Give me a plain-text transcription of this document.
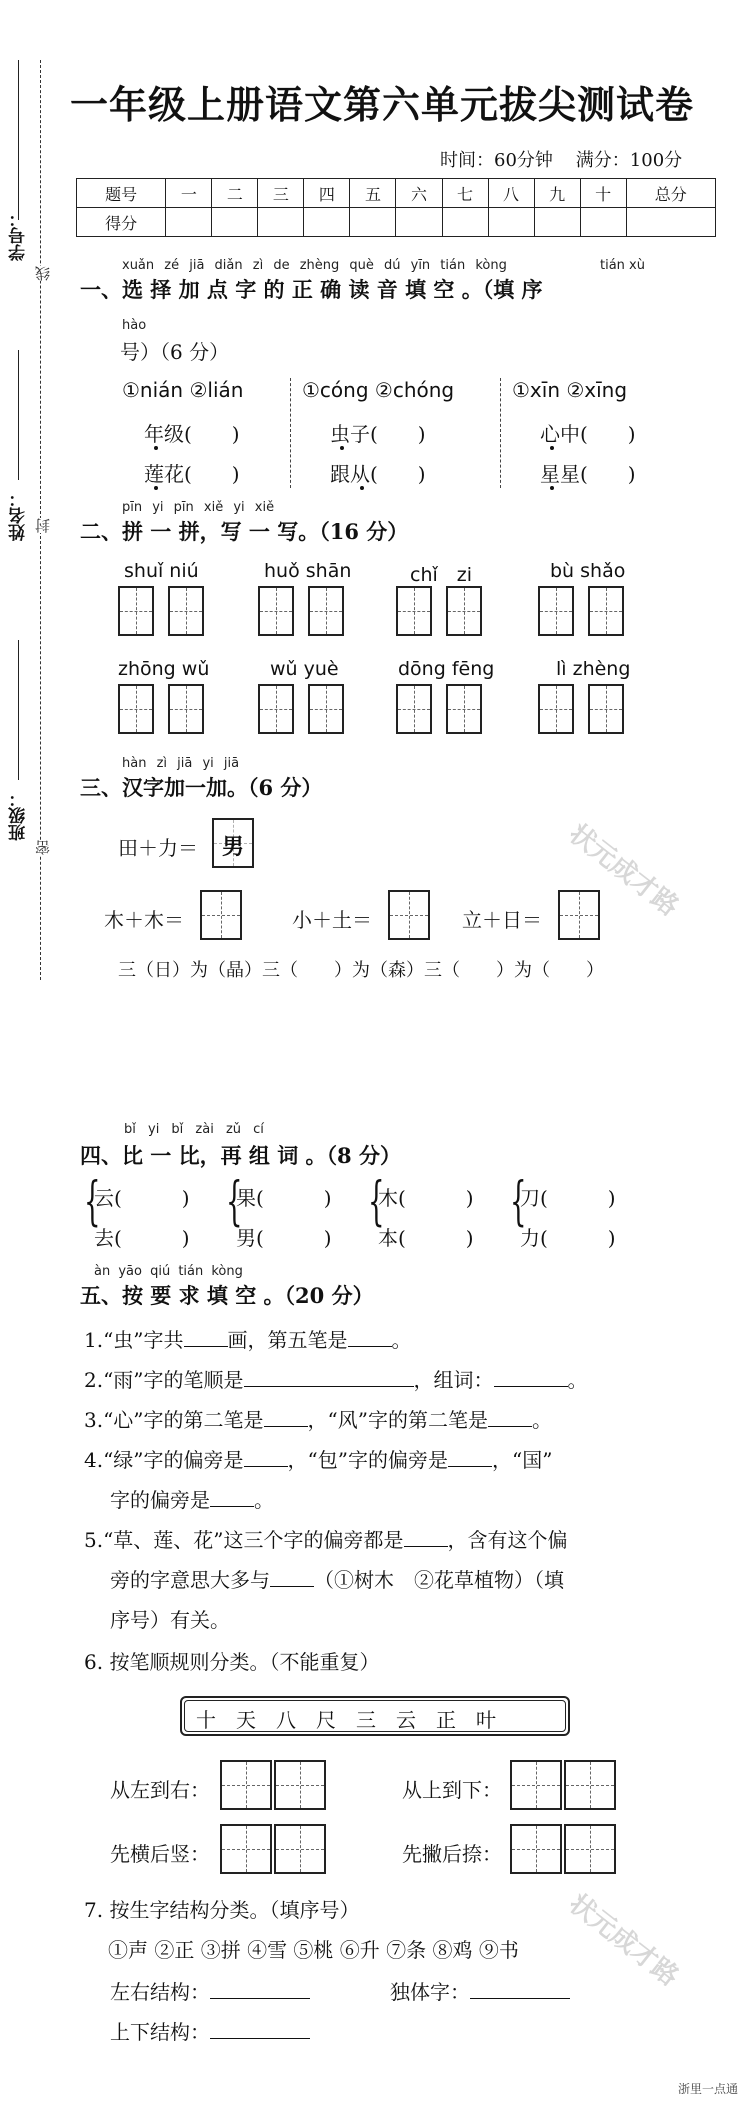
一年级上册语文第六单元拔尖测试卷
时间：60分钟 满分：100分
题号	一	二	三	四	五	六	七	八	九	十	总分
得分											
学号：
姓名：
班级：
线
封
密
xuǎn zé jiā diǎn zì de zhèng què dú yīn tián kòng	tián xù
一、选 择 加 点 字 的 正 确 读 音 填 空 。（填 序
hào
号）（6 分）
①nián ②lián
年级(　　)
莲花(　　)
①cóng ②chóng
虫子(　　)
跟从(　　)
①xīn ②xīng
心中(　　)
星星(　　)
pīn yi pīn xiě yi xiě
二、拼 一 拼，写 一 写。（16 分）
shuǐ niú	huǒ shān	chǐ　zi	bù shǎo
zhōng wǔ	wǔ yuè	dōng fēng	lì zhèng
hàn zì jiā yi jiā
三、汉字加一加。（6 分）
田＋力＝ 男
木＋木＝	小＋土＝	立＋日＝
三（日）为（晶）三（　　）为（森）三（　　）为（　　）
bǐ yi bǐ zài zǔ cí
四、比 一 比，再 组 词 。（8 分）
{
云(　　　)
去(　　　)
{
果(　　　)
男(　　　)
{
木(　　　)
本(　　　)
{
刀(　　　)
力(　　　)
àn yāo qiú tián kòng
五、按 要 求 填 空 。（20 分）
1.“虫”字共 画，第五笔是 。
2.“雨”字的笔顺是	，组词：	。
3.“心”字的第二笔是 ，“风”字的第二笔是 。
4.“绿”字的偏旁是 ，“包”字的偏旁是 ，“国”
字的偏旁是 。
5.“草、莲、花”这三个字的偏旁都是 ，含有这个偏
旁的字意思大多与 （①树木　②花草植物）（填
序号）有关。
6. 按笔顺规则分类。（不能重复）
十　天　八　尺　三　云　正　叶
从左到右：	从上到下：
先横后竖：	先撇后捺：
7. 按生字结构分类。（填序号）
①声 ②正 ③拼 ④雪 ⑤桃 ⑥升 ⑦条 ⑧鸡 ⑨书
左右结构：	独体字：
上下结构：
状元成才路
状元成才路
浙里一点通
